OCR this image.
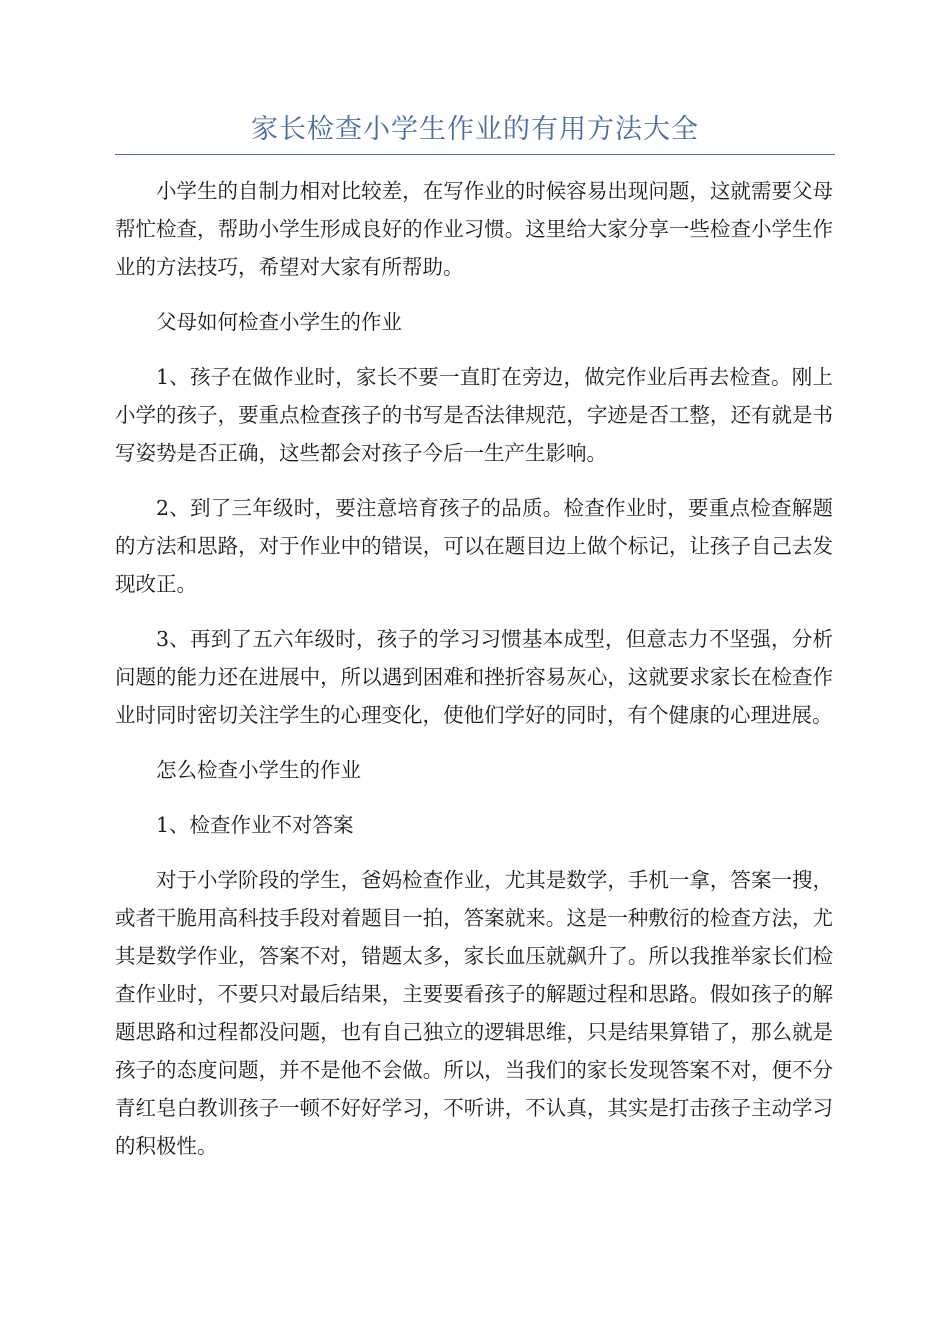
家长检查小学生作业的有用方法大全

小学生的自制力相对比较差，在写作业的时候容易出现问题，这就需要父母帮忙检查，帮助小学生形成良好的作业习惯。这里给大家分享一些检查小学生作业的方法技巧，希望对大家有所帮助。

父母如何检查小学生的作业

1、孩子在做作业时，家长不要一直盯在旁边，做完作业后再去检查。刚上小学的孩子，要重点检查孩子的书写是否法律规范，字迹是否工整，还有就是书写姿势是否正确，这些都会对孩子今后一生产生影响。

2、到了三年级时，要注意培育孩子的品质。检查作业时，要重点检查解题的方法和思路，对于作业中的错误，可以在题目边上做个标记，让孩子自己去发现改正。

3、再到了五六年级时，孩子的学习习惯基本成型，但意志力不坚强，分析问题的能力还在进展中，所以遇到困难和挫折容易灰心，这就要求家长在检查作业时同时密切关注学生的心理变化，使他们学好的同时，有个健康的心理进展。

怎么检查小学生的作业

1、检查作业不对答案

对于小学阶段的学生，爸妈检查作业，尤其是数学，手机一拿，答案一搜，或者干脆用高科技手段对着题目一拍，答案就来。这是一种敷衍的检查方法，尤其是数学作业，答案不对，错题太多，家长血压就飙升了。所以我推举家长们检查作业时，不要只对最后结果，主要要看孩子的解题过程和思路。假如孩子的解题思路和过程都没问题，也有自己独立的逻辑思维，只是结果算错了，那么就是孩子的态度问题，并不是他不会做。所以，当我们的家长发现答案不对，便不分青红皂白教训孩子一顿不好好学习，不听讲，不认真，其实是打击孩子主动学习的积极性。
